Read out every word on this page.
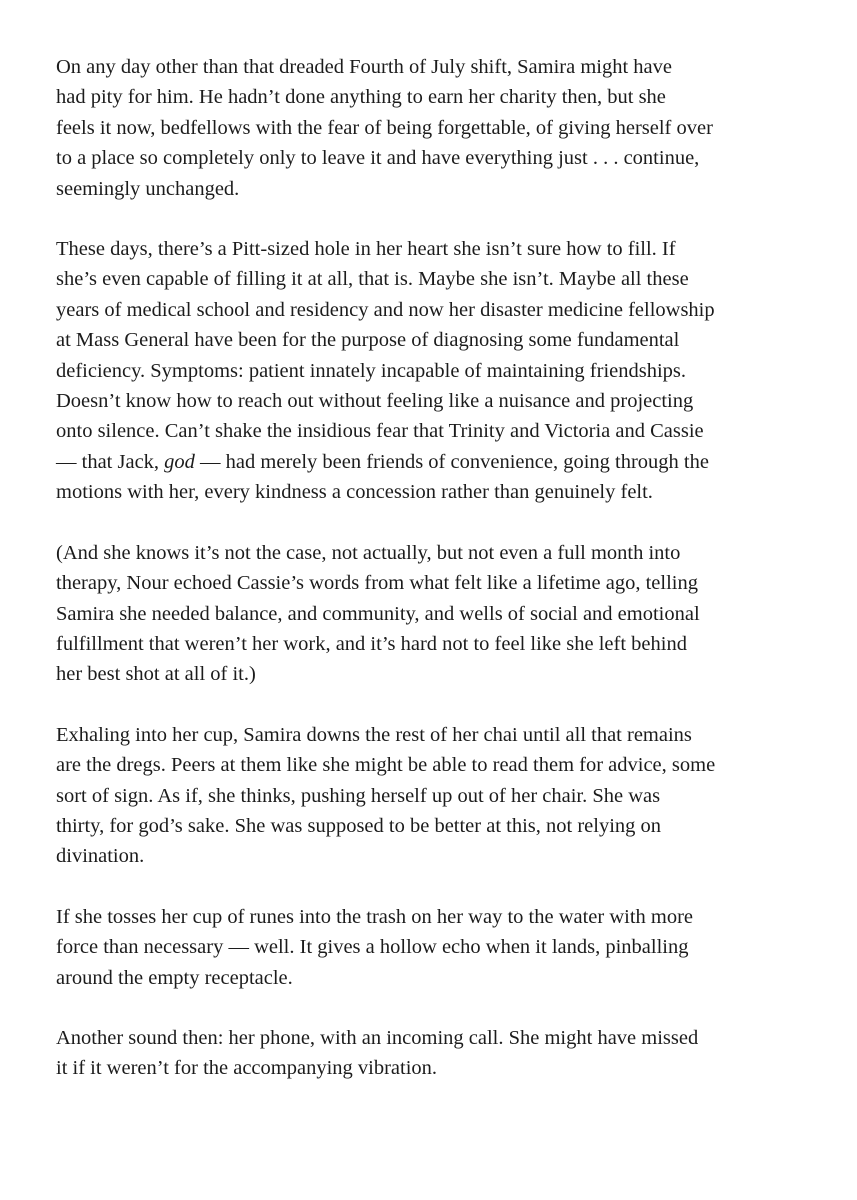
On any day other than that dreaded Fourth of July shift, Samira might have
had pity for him. He hadn’t done anything to earn her charity then, but she
feels it now, bedfellows with the fear of being forgettable, of giving herself over
to a place so completely only to leave it and have everything just . . . continue,
seemingly unchanged.

These days, there’s a Pitt-sized hole in her heart she isn’t sure how to fill. If
she’s even capable of filling it at all, that is. Maybe she isn’t. Maybe all these
years of medical school and residency and now her disaster medicine fellowship
at Mass General have been for the purpose of diagnosing some fundamental
deficiency. Symptoms: patient innately incapable of maintaining friendships.
Doesn’t know how to reach out without feeling like a nuisance and projecting
onto silence. Can’t shake the insidious fear that Trinity and Victoria and Cassie
— that Jack, god — had merely been friends of convenience, going through the
motions with her, every kindness a concession rather than genuinely felt.

(And she knows it’s not the case, not actually, but not even a full month into
therapy, Nour echoed Cassie’s words from what felt like a lifetime ago, telling
Samira she needed balance, and community, and wells of social and emotional
fulfillment that weren’t her work, and it’s hard not to feel like she left behind
her best shot at all of it.)

Exhaling into her cup, Samira downs the rest of her chai until all that remains
are the dregs. Peers at them like she might be able to read them for advice, some
sort of sign. As if, she thinks, pushing herself up out of her chair. She was
thirty, for god’s sake. She was supposed to be better at this, not relying on
divination.

If she tosses her cup of runes into the trash on her way to the water with more
force than necessary — well. It gives a hollow echo when it lands, pinballing
around the empty receptacle.

Another sound then: her phone, with an incoming call. She might have missed
it if it weren’t for the accompanying vibration.
